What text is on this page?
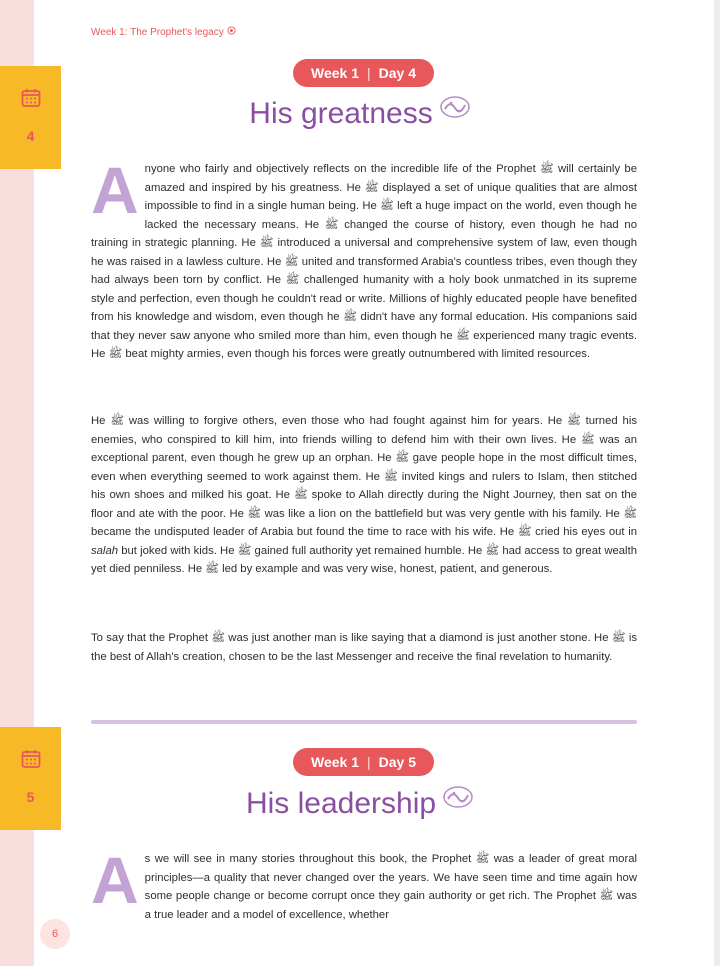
Week 1: The Prophet's legacy
4
5
Week 1 | Day 4
His greatness
Anyone who fairly and objectively reflects on the incredible life of the Prophet ﷺ will certainly be amazed and inspired by his greatness. He ﷺ displayed a set of unique qualities that are almost impossible to find in a single human being. He ﷺ left a huge impact on the world, even though he lacked the necessary means. He ﷺ changed the course of history, even though he had no training in strategic planning. He ﷺ introduced a universal and comprehensive system of law, even though he was raised in a lawless culture. He ﷺ united and transformed Arabia's countless tribes, even though they had always been torn by conflict. He ﷺ challenged humanity with a holy book unmatched in its supreme style and perfection, even though he couldn't read or write. Millions of highly educated people have benefited from his knowledge and wisdom, even though he ﷺ didn't have any formal education. His companions said that they never saw anyone who smiled more than him, even though he ﷺ experienced many tragic events. He ﷺ beat mighty armies, even though his forces were greatly outnumbered with limited resources.
He ﷺ was willing to forgive others, even those who had fought against him for years. He ﷺ turned his enemies, who conspired to kill him, into friends willing to defend him with their own lives. He ﷺ was an exceptional parent, even though he grew up an orphan. He ﷺ gave people hope in the most difficult times, even when everything seemed to work against them. He ﷺ invited kings and rulers to Islam, then stitched his own shoes and milked his goat. He ﷺ spoke to Allah directly during the Night Journey, then sat on the floor and ate with the poor. He ﷺ was like a lion on the battlefield but was very gentle with his family. He ﷺ became the undisputed leader of Arabia but found the time to race with his wife. He ﷺ cried his eyes out in salah but joked with kids. He ﷺ gained full authority yet remained humble. He ﷺ had access to great wealth yet died penniless. He ﷺ led by example and was very wise, honest, patient, and generous.
To say that the Prophet ﷺ was just another man is like saying that a diamond is just another stone. He ﷺ is the best of Allah's creation, chosen to be the last Messenger and receive the final revelation to humanity.
Week 1 | Day 5
His leadership
As we will see in many stories throughout this book, the Prophet ﷺ was a leader of great moral principles—a quality that never changed over the years. We have seen time and time again how some people change or become corrupt once they gain authority or get rich. The Prophet ﷺ was a true leader and a model of excellence, whether
6
